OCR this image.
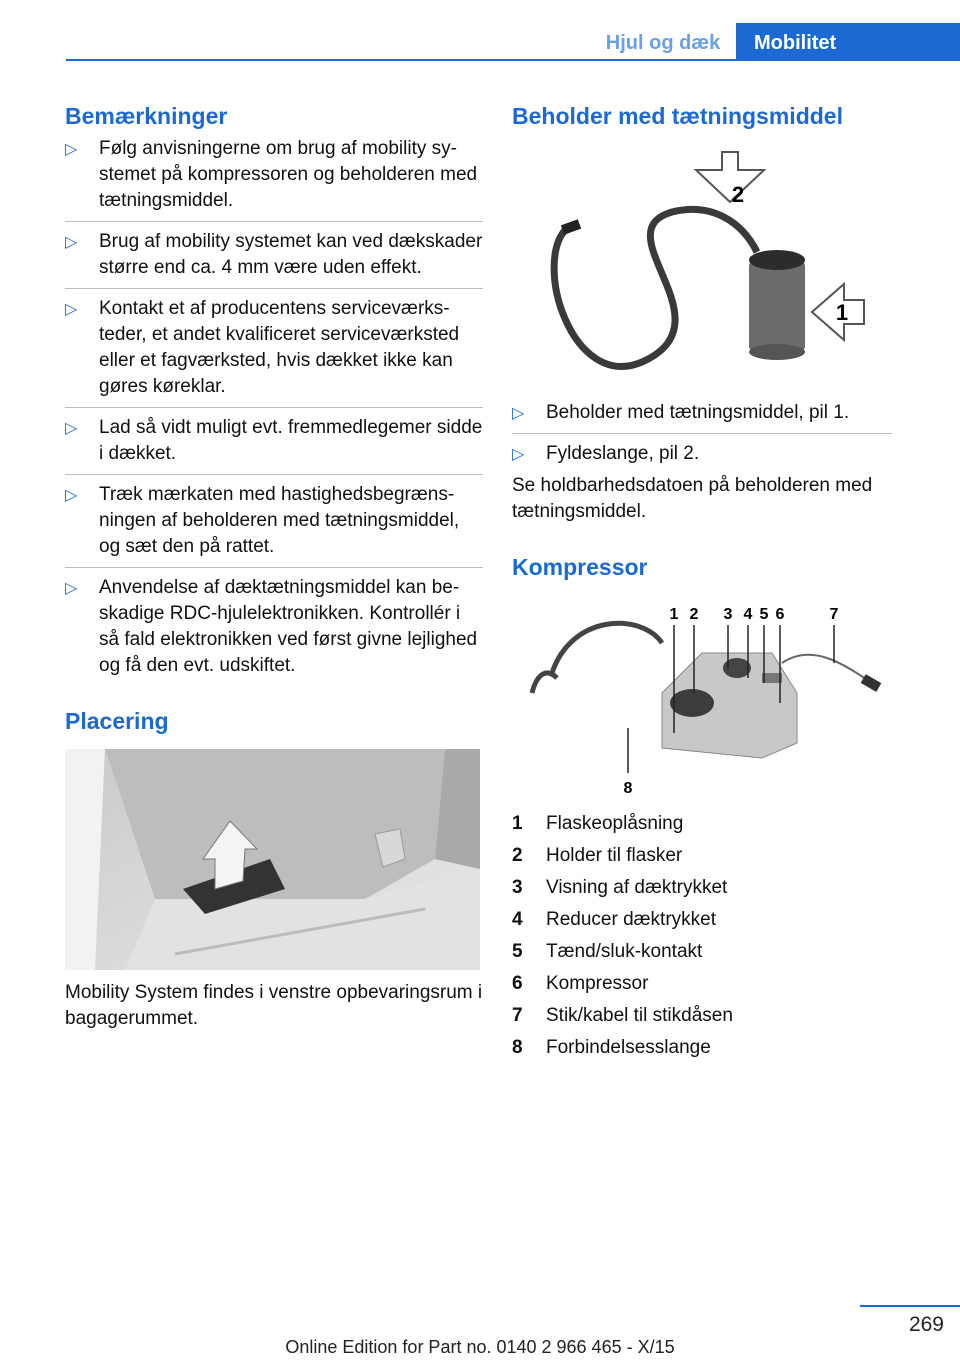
Hjul og dæk	Mobilitet
Bemærkninger
▷ Følg anvisningerne om brug af mobility systemet på kompressoren og beholderen med tætningsmiddel.
▷ Brug af mobility systemet kan ved dækskader større end ca. 4 mm være uden effekt.
▷ Kontakt et af producentens serviceværksteder, et andet kvalificeret serviceværksted eller et fagværksted, hvis dækket ikke kan gøres køreklar.
▷ Lad så vidt muligt evt. fremmedlegemer sidde i dækket.
▷ Træk mærkaten med hastighedsbegrænsningen af beholderen med tætningsmiddel, og sæt den på rattet.
▷ Anvendelse af dæktætningsmiddel kan beskadige RDC-hjulelektronikken. Kontrollér i så fald elektronikken ved først givne lejlighed og få den evt. udskiftet.
Placering

Mobility System findes i venstre opbevaringsrum i bagagerummet.

Beholder med tætningsmiddel
2
1
▷ Beholder med tætningsmiddel, pil 1.
▷ Fyldeslange, pil 2.

Se holdbarhedsdatoen på beholderen med tætningsmiddel.

Kompressor
1 2 3 4 5 6	7
8
1	Flaskeoplåsning
2	Holder til flasker
3	Visning af dæktrykket
4	Reducer dæktrykket
5	Tænd/sluk-kontakt
6	Kompressor
7	Stik/kabel til stikdåsen
8	Forbindelsesslange
269
Online Edition for Part no. 0140 2 966 465 - X/15
